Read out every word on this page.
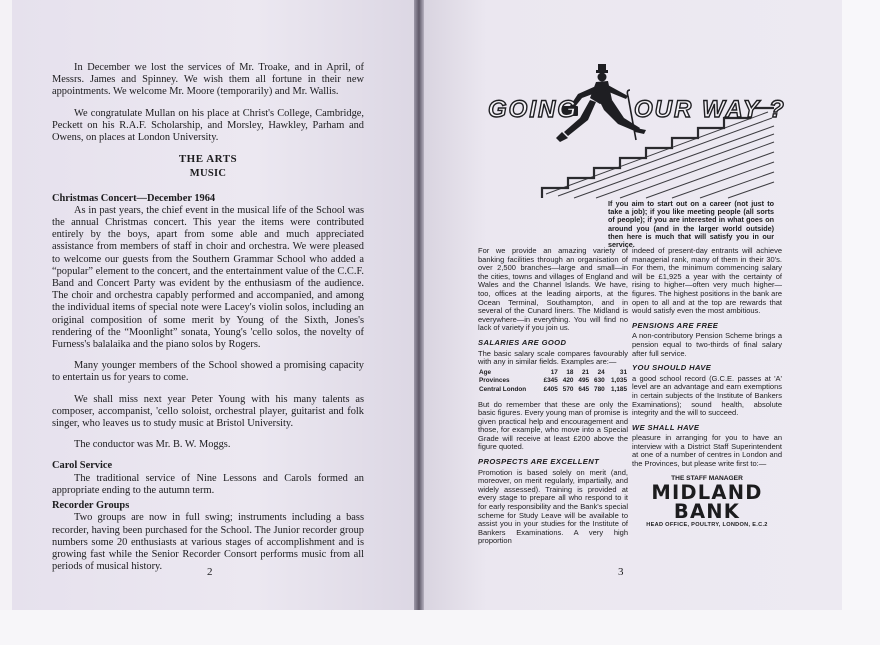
In December we lost the services of Mr. Troake, and in April, of Messrs. James and Spinney. We wish them all fortune in their new appointments. We welcome Mr. Moore (temporarily) and Mr. Wallis.

We congratulate Mullan on his place at Christ's College, Cambridge, Peckett on his R.A.F. Scholarship, and Morsley, Hawkley, Parham and Owens, on places at London University.

THE ARTS

MUSIC

Christmas Concert—December 1964

As in past years, the chief event in the musical life of the School was the annual Christmas concert. This year the items were contributed entirely by the boys, apart from some able and much appreciated assistance from members of staff in choir and orchestra. We were pleased to welcome our guests from the Southern Grammar School who added a “popular” element to the concert, and the entertainment value of the C.C.F. Band and Concert Party was evident by the enthusiasm of the audience. The choir and orchestra capably performed and accompanied, and among the individual items of special note were Lacey's violin solos, including an original composition of some merit by Young of the Sixth, Jones's rendering of the “Moonlight” sonata, Young's 'cello solos, the novelty of Furness's balalaika and the piano solos by Rogers.

Many younger members of the School showed a promising capacity to entertain us for years to come.

We shall miss next year Peter Young with his many talents as composer, accompanist, 'cello soloist, orchestral player, guitarist and folk singer, who leaves us to study music at Bristol University.

The conductor was Mr. B. W. Moggs.

Carol Service

The traditional service of Nine Lessons and Carols formed an appropriate ending to the autumn term.

Recorder Groups

Two groups are now in full swing; instruments including a bass recorder, having been purchased for the School. The Junior recorder group numbers some 20 enthusiasts at various stages of accomplishment and is growing fast while the Senior Recorder Consort performs music from all periods of musical history.	2
GOING OUR WAY ?
If you aim to start out on a career (not just to take a job); if you like meeting people (all sorts of people); if you are interested in what goes on around you (and in the larger world outside) then here is much that will satisfy you in our service.

For we provide an amazing variety of banking facilities through an organisation of over 2,500 branches—large and small—in the cities, towns and villages of England and Wales and the Channel Islands. We have, too, offices at the leading airports, at the Ocean Terminal, Southampton, and in several of the Cunard liners. The Midland is everywhere—in everything. You will find no lack of variety if you join us.

SALARIES ARE GOOD

The basic salary scale compares favourably with any in similar fields. Examples are:—

Age	17	18	21	24	31
Provinces	£345	420	495	630	1,035
Central London	£405	570	645	780	1,185

But do remember that these are only the basic figures. Every young man of promise is given practical help and encouragement and those, for example, who move into a Special Grade will receive at least £200 above the figure quoted.

PROSPECTS ARE EXCELLENT

Promotion is based solely on merit (and, moreover, on merit regularly, impartially, and widely assessed). Training is provided at every stage to prepare all who respond to it for early responsibility and the Bank's special scheme for Study Leave will be available to assist you in your studies for the Institute of Bankers Examinations. A very high proportion

indeed of present-day entrants will achieve managerial rank, many of them in their 30's. For them, the minimum commencing salary will be £1,925 a year with the certainty of rising to higher—often very much higher—figures. The highest positions in the bank are open to all and at the top are rewards that would satisfy even the most ambitious.

PENSIONS ARE FREE

A non-contributory Pension Scheme brings a pension equal to two-thirds of final salary after full service.

YOU SHOULD HAVE

a good school record (G.C.E. passes at 'A' level are an advantage and earn exemptions in certain subjects of the Institute of Bankers Examinations); sound health, absolute integrity and the will to succeed.

WE SHALL HAVE

pleasure in arranging for you to have an interview with a District Staff Superintendent at one of a number of centres in London and the Provinces, but please write first to:—

THE STAFF MANAGER

MIDLAND

BANK

HEAD OFFICE, POULTRY, LONDON, E.C.2

3
